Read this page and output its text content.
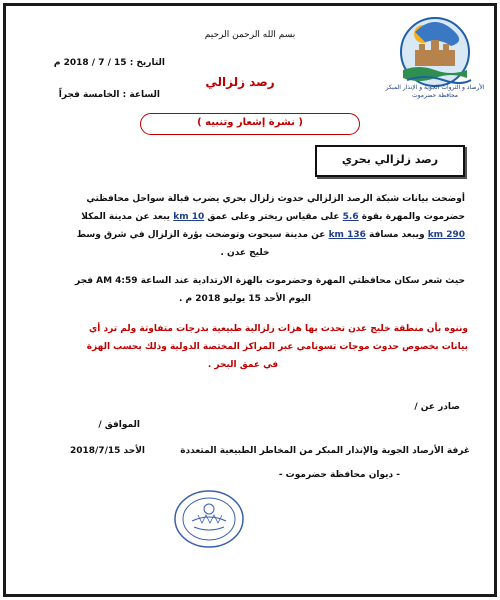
بسم الله الرحمن الرحيم
الأرصاد و الثروات الجوية و الإنذار المبكر
محافظة حضرموت
التاريخ : 15 / 7 / 2018 م
الساعة : الخامسة فجراً
رصد زلزالي
( نشرة إشعار وتنبيه )
رصد زلزالي بحري
أوضحت بيانات شبكة الرصد الزلزالي حدوث زلزال بحري يضرب قبالة سواحل محافظتي
حضرموت والمهرة بقوة 5.6 على مقياس ريختر وعلى عمق 10 km يبعد عن مدينة المكلا
290 km ويبعد مسافة 136 km عن مدينة سيحوت وتوضحت بؤرة الزلزال في شرق وسط
خليج عدن .
حيث شعر سكان محافظتي المهرة وحضرموت بالهزة الارتدادية عند الساعة 4:59 AM فجر
اليوم الأحد 15 يوليو 2018 م .
وننوه بأن منطقة خليج عدن تحدث بها هزات زلزالية طبيعية بدرجات متفاوتة ولم ترد أي
بيانات بخصوص حدوث موجات تسونامي عبر المراكز المختصة الدولية وذلك بحسب الهزة
في عمق البحر .
صادر عن /
الموافق /
غرفة الأرصاد الجوية والإنذار المبكر من المخاطر الطبيعية المتعددة
الأحد 2018/7/15
- ديوان محافظة حضرموت -
